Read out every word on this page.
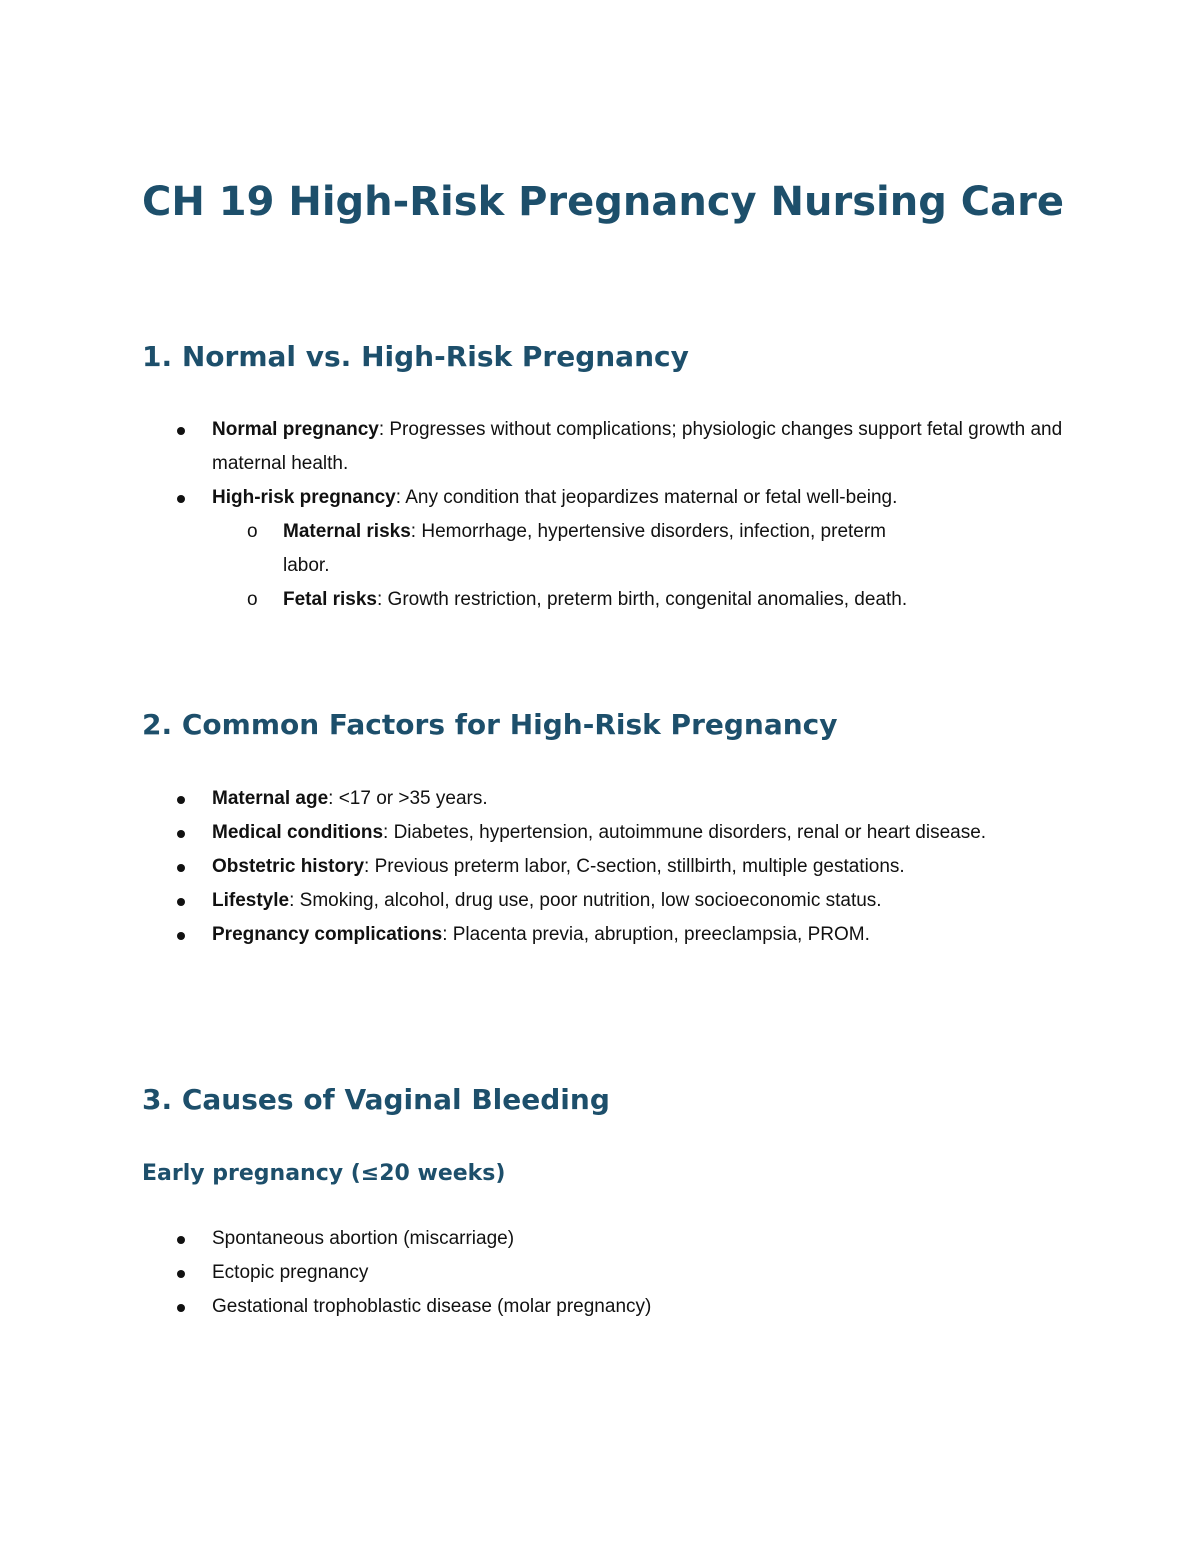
CH 19 High-Risk Pregnancy Nursing Care
1. Normal vs. High-Risk Pregnancy
Normal pregnancy: Progresses without complications; physiologic changes support fetal growth and maternal health.
High-risk pregnancy: Any condition that jeopardizes maternal or fetal well-being.
o Maternal risks: Hemorrhage, hypertensive disorders, infection, preterm labor.
o Fetal risks: Growth restriction, preterm birth, congenital anomalies, death.
2. Common Factors for High-Risk Pregnancy
Maternal age: <17 or >35 years.
Medical conditions: Diabetes, hypertension, autoimmune disorders, renal or heart disease.
Obstetric history: Previous preterm labor, C-section, stillbirth, multiple gestations.
Lifestyle: Smoking, alcohol, drug use, poor nutrition, low socioeconomic status.
Pregnancy complications: Placenta previa, abruption, preeclampsia, PROM.
3. Causes of Vaginal Bleeding
Early pregnancy (≤20 weeks)
Spontaneous abortion (miscarriage)
Ectopic pregnancy
Gestational trophoblastic disease (molar pregnancy)
